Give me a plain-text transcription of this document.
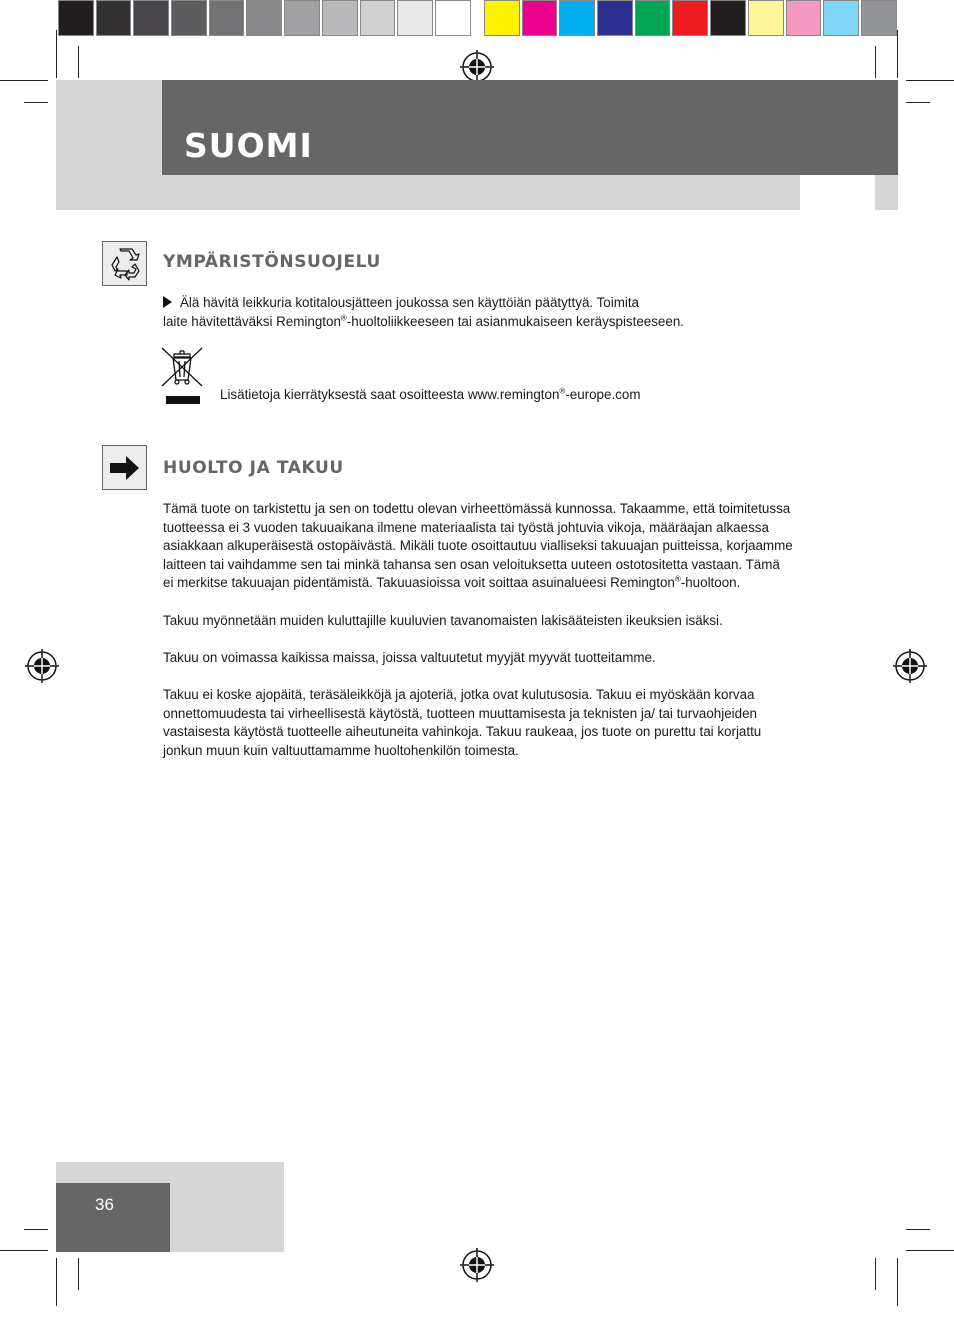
SUOMI
YMPÄRISTÖNSUOJELU

Älä hävitä leikkuria kotitalousjätteen joukossa sen käyttöiän päätyttyä. Toimita

laite hävitettäväksi Remington®-huoltoliikkeeseen tai asianmukaiseen keräyspisteeseen.

Lisätietoja kierrätyksestä saat osoitteesta www.remington®-europe.com

HUOLTO JA TAKUU

Tämä tuote on tarkistettu ja sen on todettu olevan virheettömässä kunnossa. Takaamme, että toimitetussa tuotteessa ei 3 vuoden takuuaikana ilmene materiaalista tai työstä johtuvia vikoja, määräajan alkaessa asiakkaan alkuperäisestä ostopäivästä. Mikäli tuote osoittautuu vialliseksi takuuajan puitteissa, korjaamme laitteen tai vaihdamme sen tai minkä tahansa sen osan veloituksetta uuteen ostotositetta vastaan. Tämä ei merkitse takuuajan pidentämistä. Takuuasioissa voit soittaa asuinalueesi Remington®-huoltoon.

Takuu myönnetään muiden kuluttajille kuuluvien tavanomaisten lakisääteisten ikeuksien isäksi.

Takuu on voimassa kaikissa maissa, joissa valtuutetut myyjät myyvät tuotteitamme.

Takuu ei koske ajopäitä, teräsäleikköjä ja ajoteriä, jotka ovat kulutusosia. Takuu ei myöskään korvaa onnettomuudesta tai virheellisestä käytöstä, tuotteen muuttamisesta ja teknisten ja/ tai turvaohjeiden vastaisesta käytöstä tuotteelle aiheutuneita vahinkoja. Takuu raukeaa, jos tuote on purettu tai korjattu jonkun muun kuin valtuuttamamme huoltohenkilön toimesta.

36
